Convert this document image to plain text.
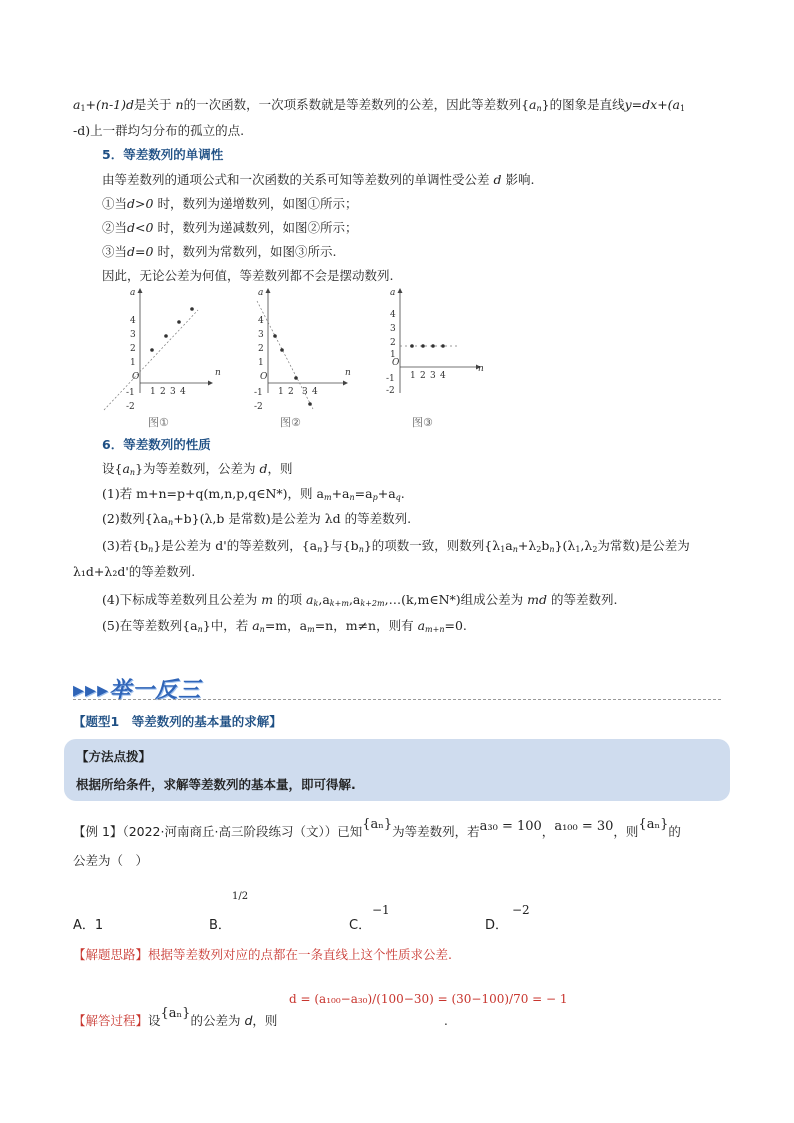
$a_1+(n-1)d$是关于 n的一次函数，一次项系数就是等差数列的公差，因此等差数列$\{a_n\}$的图象是直线$y=dx+(a_1$
-d)上一群均匀分布的孤立的点.
5．等差数列的单调性
由等差数列的通项公式和一次函数的关系可知等差数列的单调性受公差 d 影响.
①当d>0 时，数列为递增数列，如图①所示；
②当d<0 时，数列为递减数列，如图②所示；
③当d=0 时，数列为常数列，如图③所示.
因此，无论公差为何值，等差数列都不会是摆动数列.
a
n
O
4
3
2
1
-1
-2
1 2 3 4
a
n
O
4
3
2
1
-1
-2
1 2 3 4
a
n
O
4
3
2
1
-1
-2
1 2 3 4
图①	图②	图③
6．等差数列的性质
设$\{a_n\}$为等差数列，公差为 d，则
(1)若 m+n=p+q(m,n,p,q∈N*)，则 $a_m+a_n=a_p+a_q$.
(2)数列$\{\lambda a_n+b\}(\lambda,b$ 是常数)是公差为 λd 的等差数列.
(3)若$\{b_n\}$是公差为 d'的等差数列，$\{a_n\}$与$\{b_n\}$的项数一致，则数列$\{\lambda_1a_n+\lambda_2b_n\}(\lambda_1,\lambda_2$为常数)是公差为
λ₁d+λ₂d'的等差数列.
(4)下标成等差数列且公差为 m 的项 $a_k,a_{k+m},a_{k+2m},\dots(k,m\in N*)$组成公差为 md 的等差数列.
(5)在等差数列$\{a_n\}$中，若 $a_n=m$，$a_m=n$，m≠n，则有 $a_{m+n}=0$.
▸▸▸举一反三
【题型1　等差数列的基本量的求解】
【方法点拨】
根据所给条件，求解等差数列的基本量，即可得解.
【例 1】（2022·河南商丘·高三阶段练习（文））已知{aₙ}为等差数列，若a₃₀ = 100，a₁₀₀ = 30，则{aₙ}的
公差为（　）
A．1	B．
1/2
C．
−1
D．
−2
【解题思路】根据等差数列对应的点都在一条直线上这个性质求公差.
【解答过程】设{aₙ}的公差为 d，则
d = (a₁₀₀−a₃₀)/(100−30) = (30−100)/70 = − 1
.
